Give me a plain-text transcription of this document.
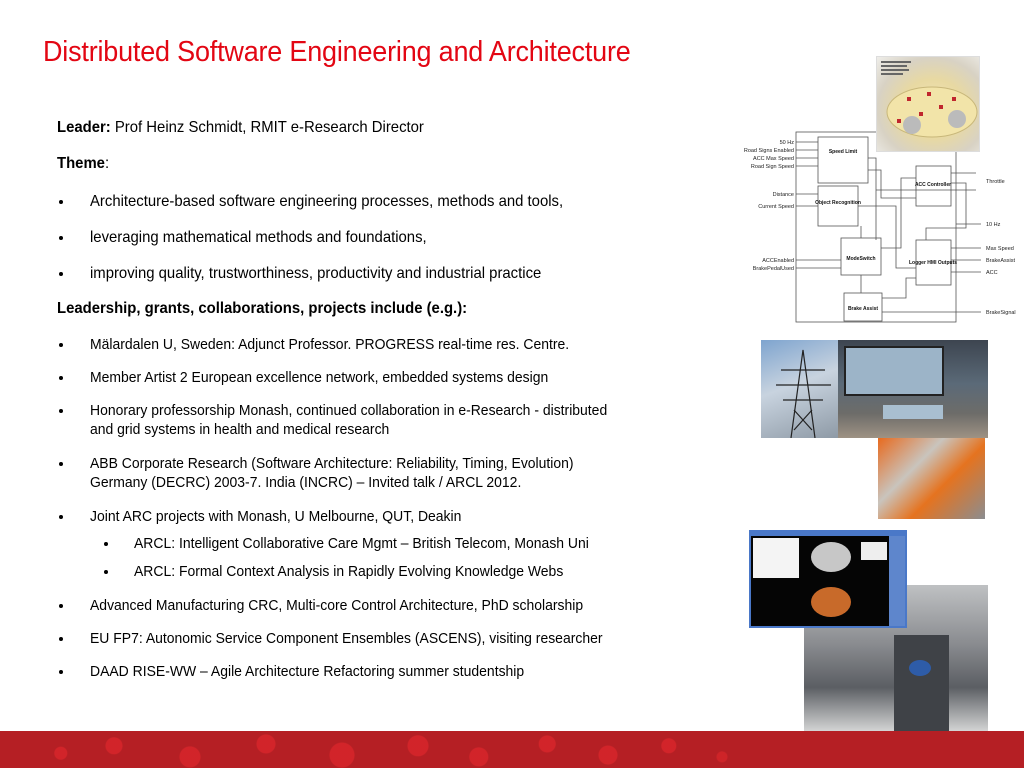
Distributed Software Engineering and Architecture
Leader: Prof Heinz Schmidt, RMIT e-Research Director
Theme:
Architecture-based software engineering processes, methods and tools,
leveraging mathematical methods and foundations,
improving quality, trustworthiness, productivity and industrial practice
Leadership, grants, collaborations, projects include (e.g.):
Mälardalen U, Sweden: Adjunct Professor. PROGRESS real-time res. Centre.
Member Artist 2 European excellence network, embedded systems design
Honorary professorship Monash, continued collaboration in e-Research - distributed
and grid systems in health and medical research
ABB Corporate Research (Software Architecture: Reliability, Timing, Evolution)
Germany (DECRC) 2003-7. India (INCRC) – Invited talk / ARCL 2012.
Joint ARC projects with Monash, U Melbourne, QUT, Deakin
ARCL: Intelligent Collaborative Care Mgmt – British Telecom, Monash Uni
ARCL: Formal Context Analysis in Rapidly Evolving Knowledge Webs
Advanced Manufacturing CRC, Multi-core Control Architecture, PhD scholarship
EU FP7: Autonomic Service Component Ensembles (ASCENS), visiting researcher
DAAD RISE-WW – Agile Architecture Refactoring summer studentship
50 Hz
Road Signs Enabled
ACC Max Speed
Road Sign Speed
Distance
Current Speed
ACCEnabled
BrakePedalUsed
Throttle
10 Hz
Max Speed
BrakeAssist
ACC
BrakeSignal
Speed Limit
Object Recognition
ACC Controller
ModeSwitch
Logger HMI Outputs
Brake Assist
